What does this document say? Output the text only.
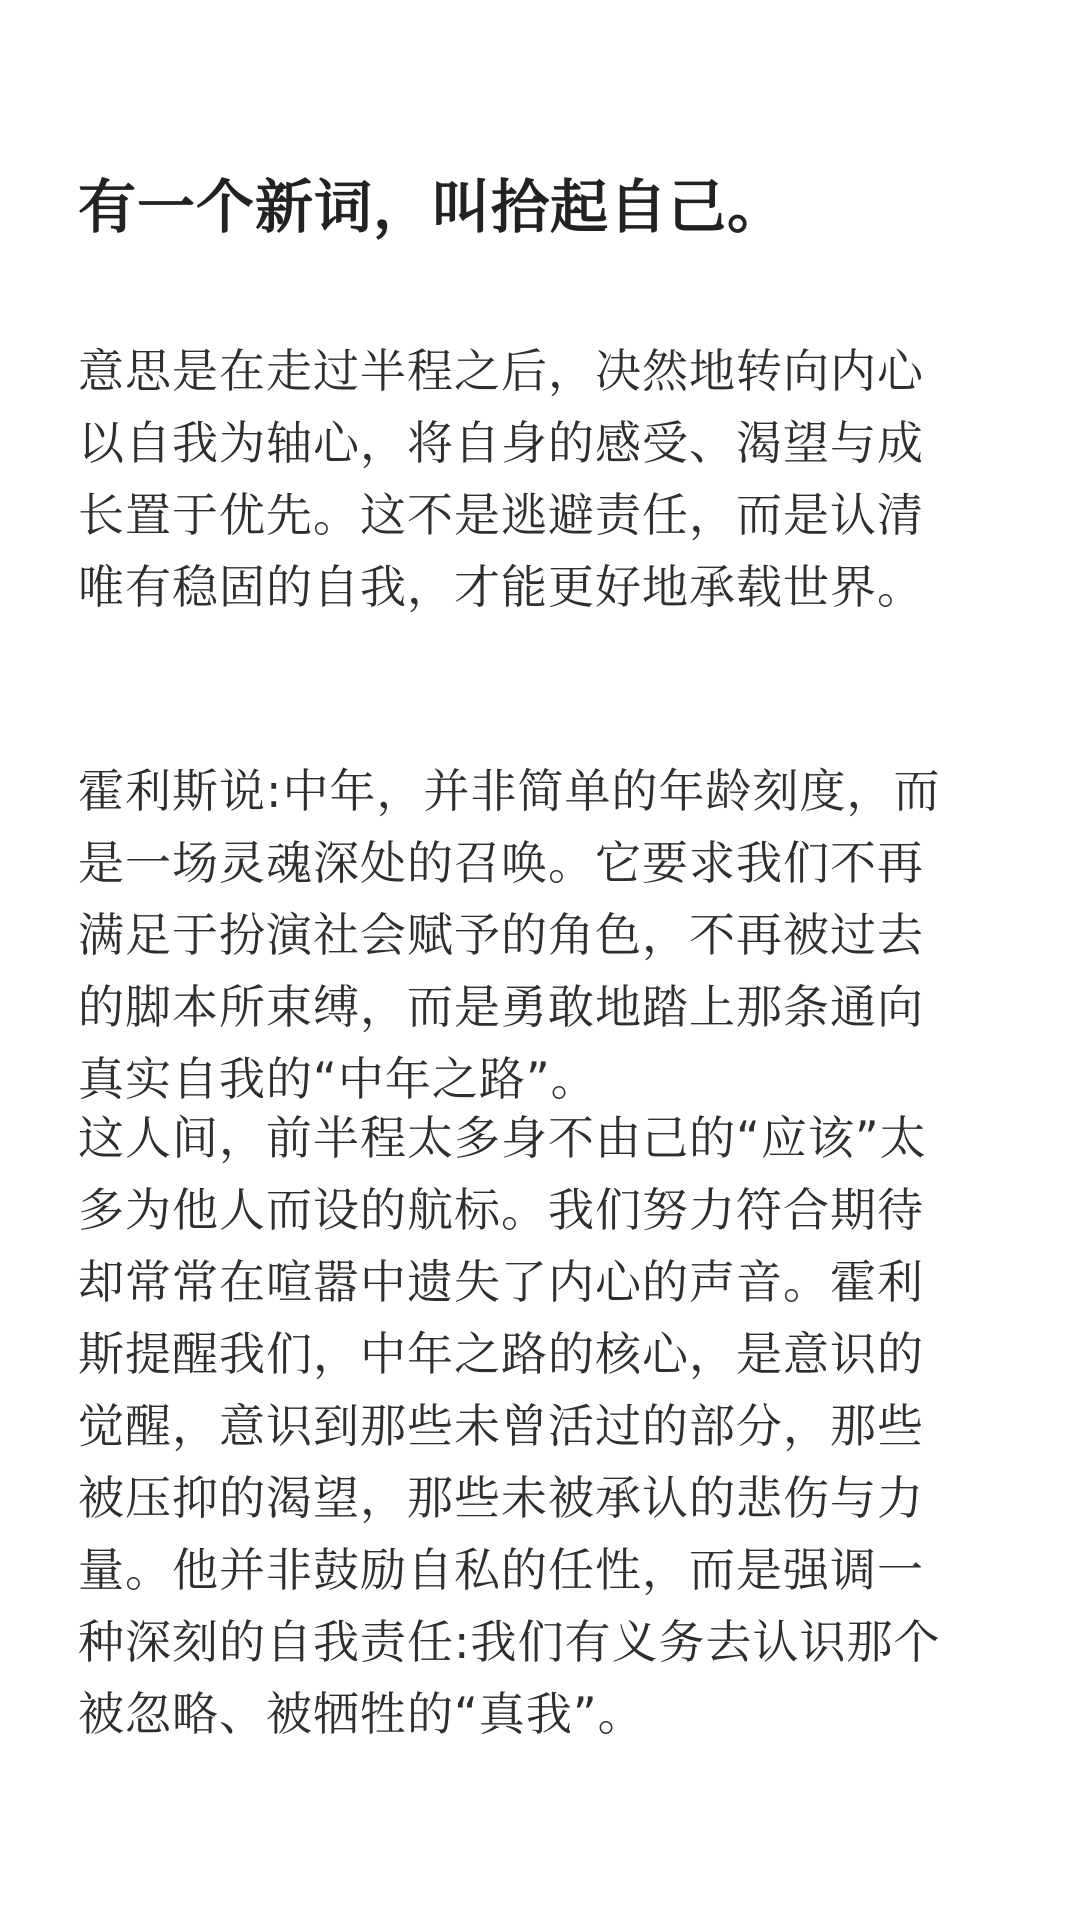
有一个新词，叫拾起自己。

意思是在走过半程之后，决然地转向内心
以自我为轴心，将自身的感受、渴望与成
长置于优先。这不是逃避责任，而是认清
唯有稳固的自我，才能更好地承载世界。

霍利斯说:中年，并非简单的年龄刻度，而
是一场灵魂深处的召唤。它要求我们不再
满足于扮演社会赋予的角色，不再被过去
的脚本所束缚，而是勇敢地踏上那条通向
真实自我的“中年之路”。

这人间，前半程太多身不由己的“应该”太
多为他人而设的航标。我们努力符合期待
却常常在喧嚣中遗失了内心的声音。霍利
斯提醒我们，中年之路的核心，是意识的
觉醒，意识到那些未曾活过的部分，那些
被压抑的渴望，那些未被承认的悲伤与力
量。他并非鼓励自私的任性，而是强调一
种深刻的自我责任:我们有义务去认识那个
被忽略、被牺牲的“真我”。
